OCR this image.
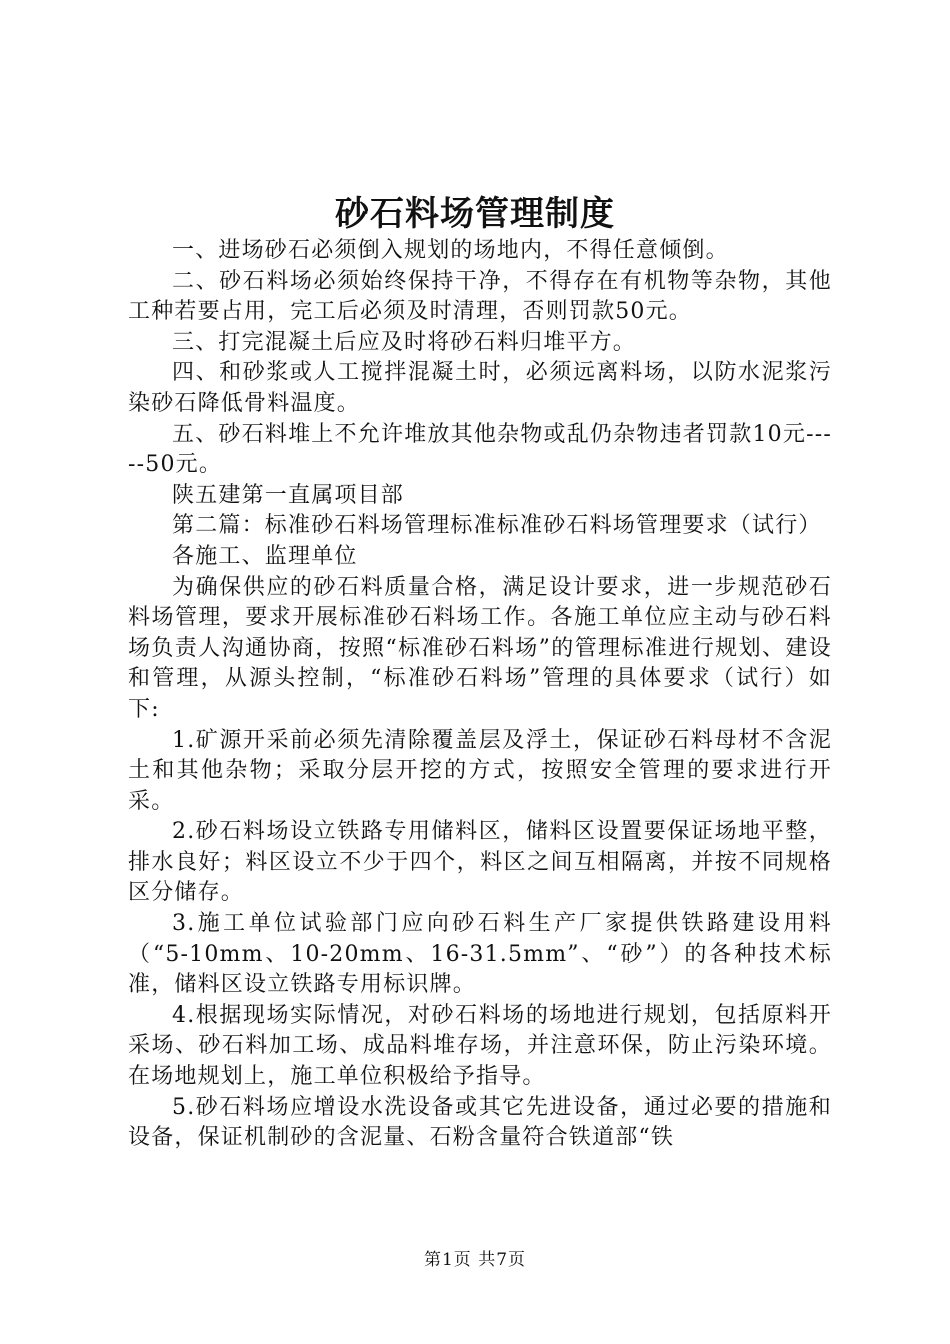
砂石料场管理制度

一、进场砂石必须倒入规划的场地内，不得任意倾倒。

二、砂石料场必须始终保持干净，不得存在有机物等杂物，其他工种若要占用，完工后必须及时清理，否则罚款50元。

三、打完混凝土后应及时将砂石料归堆平方。

四、和砂浆或人工搅拌混凝土时，必须远离料场，以防水泥浆污染砂石降低骨料温度。

五、砂石料堆上不允许堆放其他杂物或乱仍杂物违者罚款10元-----50元。

陕五建第一直属项目部

第二篇：标准砂石料场管理标准标准砂石料场管理要求（试行）

各施工、监理单位

为确保供应的砂石料质量合格，满足设计要求，进一步规范砂石料场管理，要求开展标准砂石料场工作。各施工单位应主动与砂石料场负责人沟通协商，按照“标准砂石料场”的管理标准进行规划、建设和管理，从源头控制，“标准砂石料场”管理的具体要求（试行）如下:

1.矿源开采前必须先清除覆盖层及浮土，保证砂石料母材不含泥土和其他杂物；采取分层开挖的方式，按照安全管理的要求进行开采。

2.砂石料场设立铁路专用储料区，储料区设置要保证场地平整，排水良好；料区设立不少于四个，料区之间互相隔离，并按不同规格区分储存。

3.施工单位试验部门应向砂石料生产厂家提供铁路建设用料（“5-10mm、10-20mm、16-31.5mm”、“砂”）的各种技术标准，储料区设立铁路专用标识牌。

4.根据现场实际情况，对砂石料场的场地进行规划，包括原料开采场、砂石料加工场、成品料堆存场，并注意环保，防止污染环境。在场地规划上，施工单位积极给予指导。

5.砂石料场应增设水洗设备或其它先进设备，通过必要的措施和设备，保证机制砂的含泥量、石粉含量符合铁道部“铁

第1页 共7页
